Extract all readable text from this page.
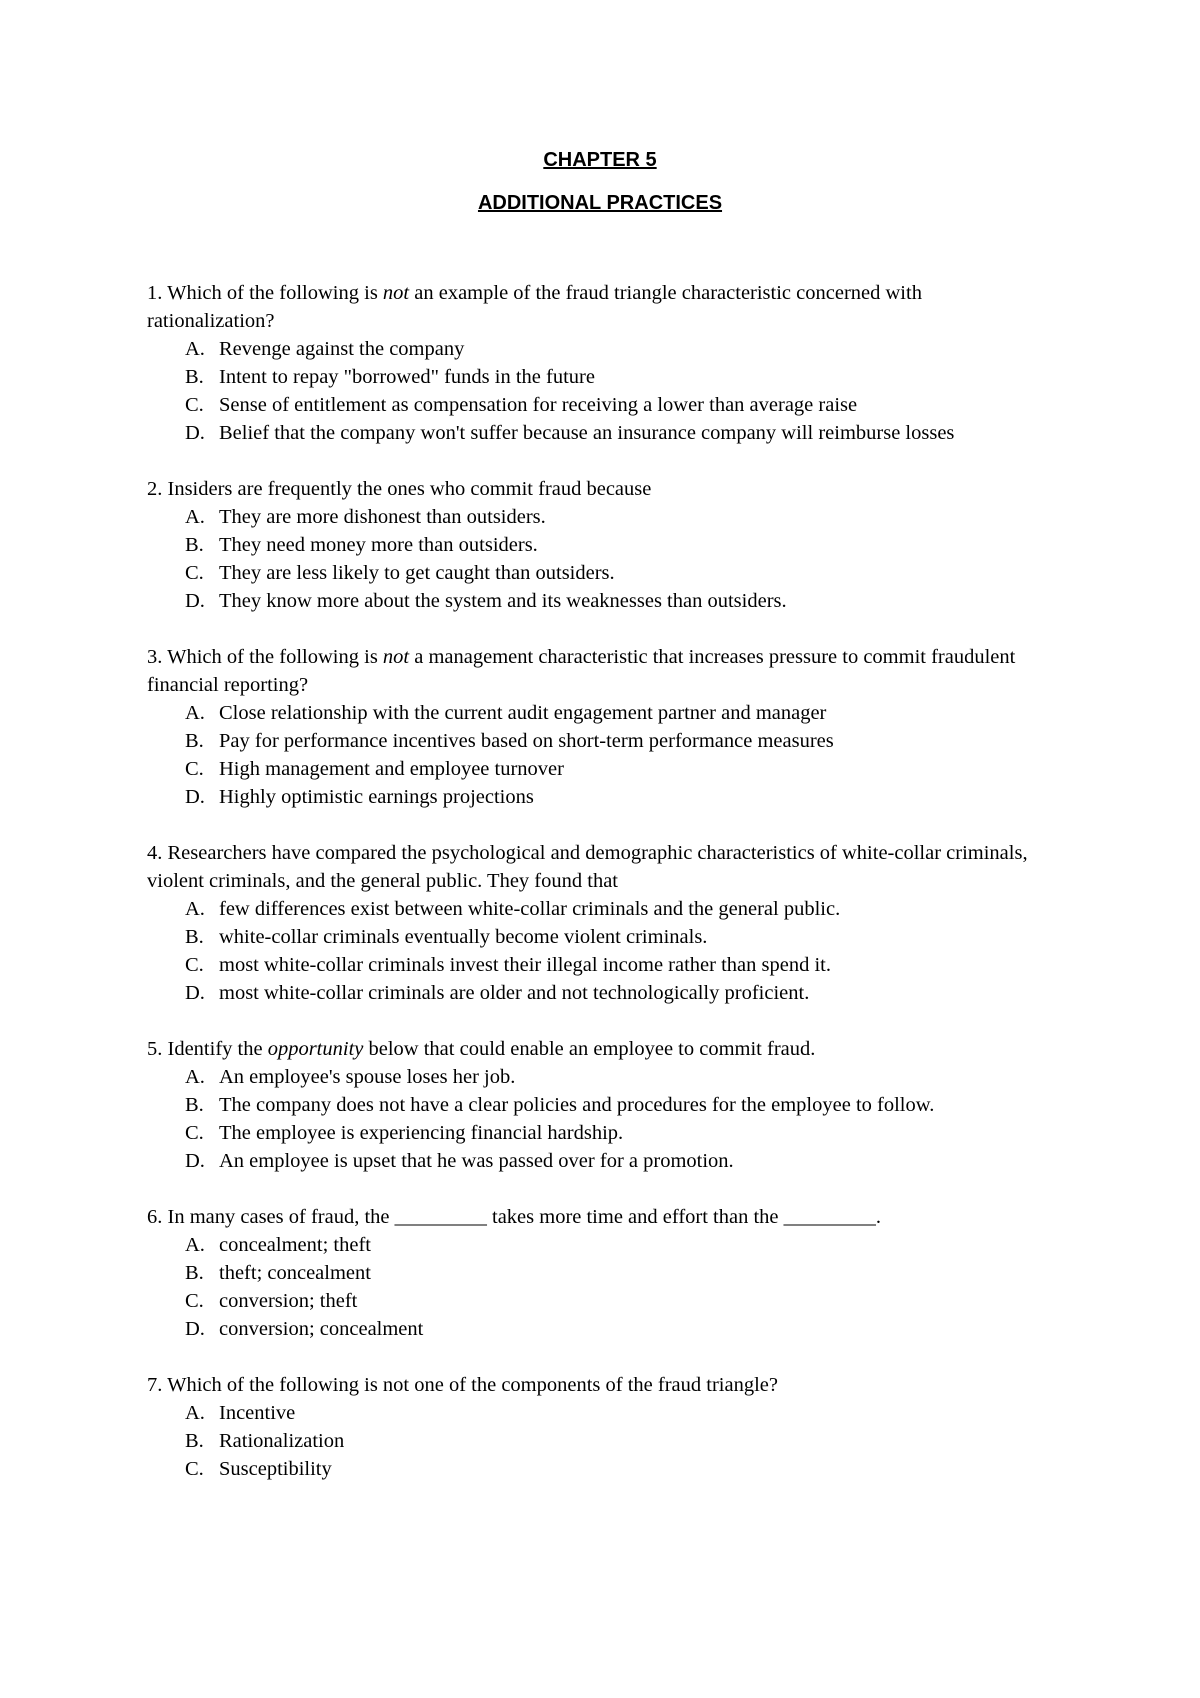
CHAPTER 5
ADDITIONAL PRACTICES

1. Which of the following is not an example of the fraud triangle characteristic concerned with rationalization?

A. Revenge against the company
B. Intent to repay "borrowed" funds in the future
C. Sense of entitlement as compensation for receiving a lower than average raise
D. Belief that the company won't suffer because an insurance company will reimburse losses

2. Insiders are frequently the ones who commit fraud because

A. They are more dishonest than outsiders.
B. They need money more than outsiders.
C. They are less likely to get caught than outsiders.
D. They know more about the system and its weaknesses than outsiders.

3. Which of the following is not a management characteristic that increases pressure to commit fraudulent financial reporting?

A. Close relationship with the current audit engagement partner and manager
B. Pay for performance incentives based on short-term performance measures
C. High management and employee turnover
D. Highly optimistic earnings projections

4. Researchers have compared the psychological and demographic characteristics of white-collar criminals, violent criminals, and the general public. They found that

A. few differences exist between white-collar criminals and the general public.
B. white-collar criminals eventually become violent criminals.
C. most white-collar criminals invest their illegal income rather than spend it.
D. most white-collar criminals are older and not technologically proficient.

5. Identify the opportunity below that could enable an employee to commit fraud.

A. An employee's spouse loses her job.
B. The company does not have a clear policies and procedures for the employee to follow.
C. The employee is experiencing financial hardship.
D. An employee is upset that he was passed over for a promotion.

6. In many cases of fraud, the _________ takes more time and effort than the _________.

A. concealment; theft
B. theft; concealment
C. conversion; theft
D. conversion; concealment

7. Which of the following is not one of the components of the fraud triangle?

A. Incentive
B. Rationalization
C. Susceptibility
